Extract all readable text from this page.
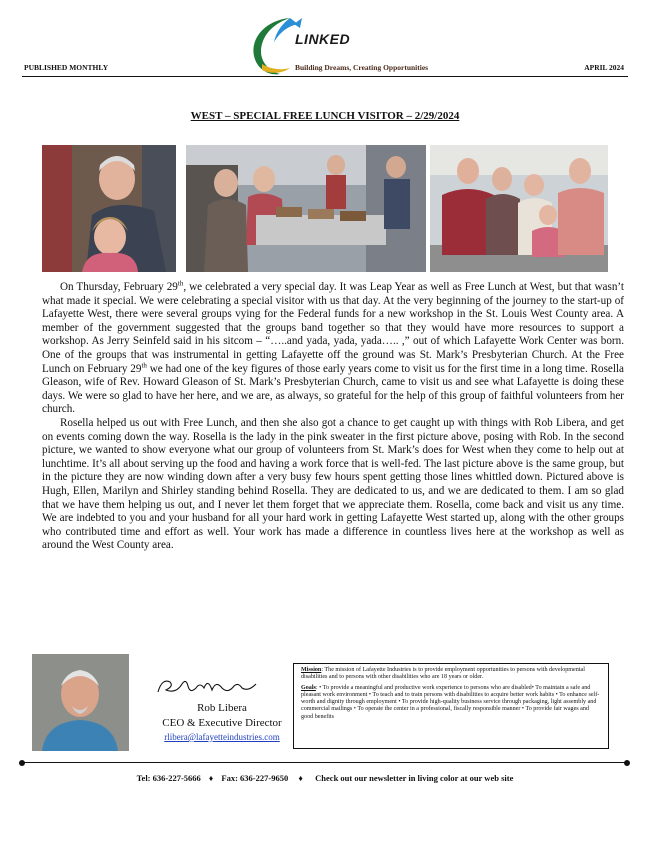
LINKED
PUBLISHED MONTHLY	Building Dreams, Creating Opportunities	APRIL 2024
WEST – SPECIAL FREE LUNCH VISITOR – 2/29/2024

On Thursday, February 29th, we celebrated a very special day. It was Leap Year as well as Free Lunch at West, but that wasn’t what made it special. We were celebrating a special visitor with us that day. At the very beginning of the journey to the start-up of Lafayette West, there were several groups vying for the Federal funds for a new workshop in the St. Louis West County area. A member of the government suggested that the groups band together so that they would have more resources to support a workshop. As Jerry Seinfeld said in his sitcom – “…..and yada, yada, yada….. ,” out of which Lafayette Work Center was born. One of the groups that was instrumental in getting Lafayette off the ground was St. Mark’s Presbyterian Church. At the Free Lunch on February 29th we had one of the key figures of those early years come to visit us for the first time in a long time. Rosella Gleason, wife of Rev. Howard Gleason of St. Mark’s Presbyterian Church, came to visit us and see what Lafayette is doing these days. We were so glad to have her here, and we are, as always, so grateful for the help of this group of faithful volunteers from her church.

Rosella helped us out with Free Lunch, and then she also got a chance to get caught up with things with Rob Libera, and get on events coming down the way. Rosella is the lady in the pink sweater in the first picture above, posing with Rob. In the second picture, we wanted to show everyone what our group of volunteers from St. Mark’s does for West when they come to help out at lunchtime. It’s all about serving up the food and having a work force that is well-fed. The last picture above is the same group, but in the picture they are now winding down after a very busy few hours spent getting those lines whittled down. Pictured above is Hugh, Ellen, Marilyn and Shirley standing behind Rosella. They are dedicated to us, and we are dedicated to them. I am so glad that we have them helping us out, and I never let them forget that we appreciate them. Rosella, come back and visit us any time. We are indebted to you and your husband for all your hard work in getting Lafayette West started up, along with the other groups who contributed time and effort as well. Your work has made a difference in countless lives here at the workshop as well as around the West County area.

Rob Libera
CEO & Executive Director
rlibera@lafayetteindustries.com

Mission: The mission of Lafayette Industries is to provide employment opportunities to persons with developmental disabilities and to persons with other disabilities who are 18 years or older.

Goals: • To provide a meaningful and productive work experience to persons who are disabled• To maintain a safe and pleasant work environment • To teach and to train persons with disabilities to acquire better work habits • To enhance self-worth and dignity through employment • To provide high-quality business service through packaging, light assembly and commercial mailings • To operate the center in a professional, fiscally responsible manner • To provide fair wages and good benefits

Tel: 636-227-5666 ♦ Fax: 636-227-9650  ♦   Check out our newsletter in living color at our web site
